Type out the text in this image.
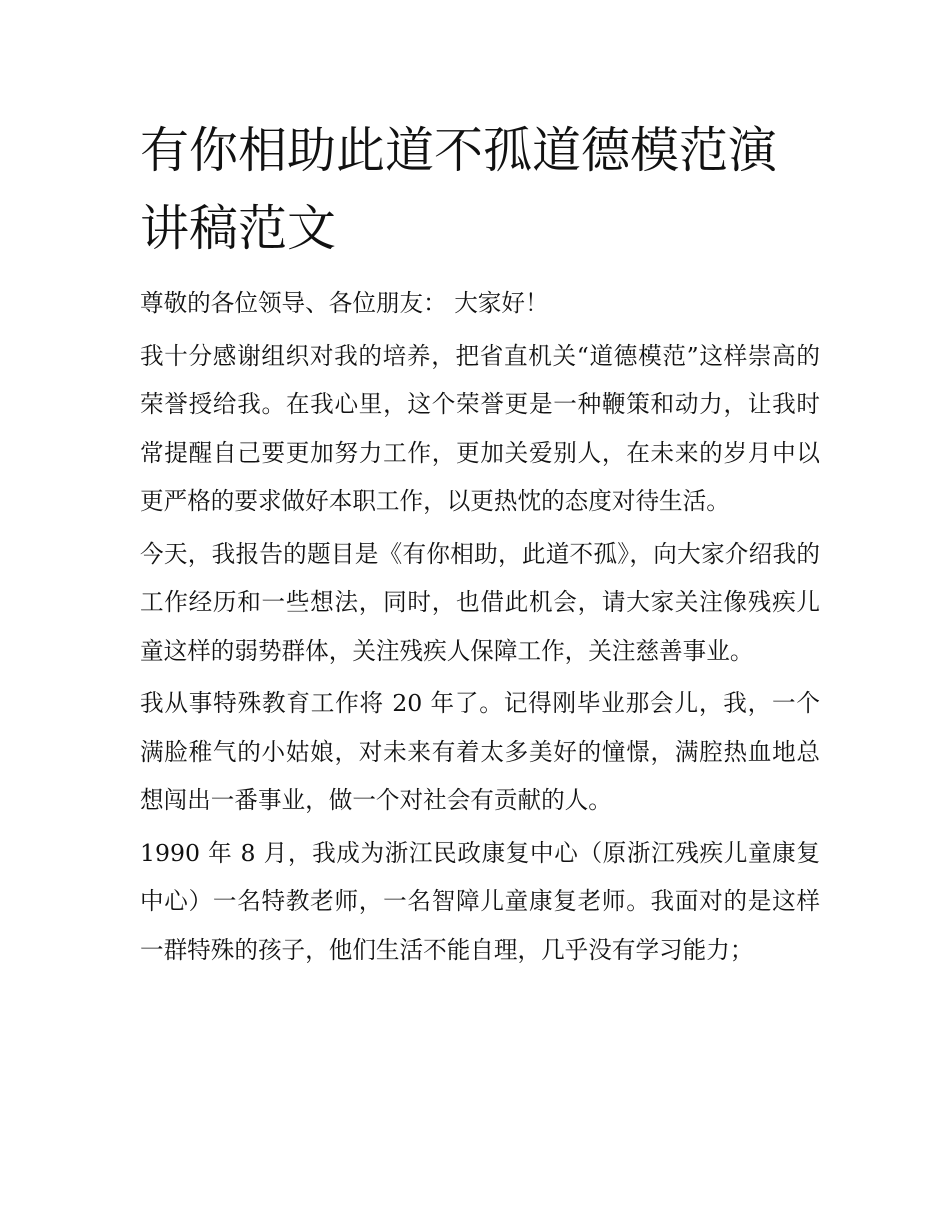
有你相助此道不孤道德模范演讲稿范文

尊敬的各位领导、各位朋友： 大家好！

我十分感谢组织对我的培养，把省直机关“道德模范”这样崇高的荣誉授给我。在我心里，这个荣誉更是一种鞭策和动力，让我时常提醒自己要更加努力工作，更加关爱别人，在未来的岁月中以更严格的要求做好本职工作，以更热忱的态度对待生活。

今天，我报告的题目是《有你相助，此道不孤》，向大家介绍我的工作经历和一些想法，同时，也借此机会，请大家关注像残疾儿童这样的弱势群体，关注残疾人保障工作，关注慈善事业。

我从事特殊教育工作将 20 年了。记得刚毕业那会儿，我，一个满脸稚气的小姑娘，对未来有着太多美好的憧憬，满腔热血地总想闯出一番事业，做一个对社会有贡献的人。

1990 年 8 月，我成为浙江民政康复中心（原浙江残疾儿童康复中心）一名特教老师，一名智障儿童康复老师。我面对的是这样一群特殊的孩子，他们生活不能自理，几乎没有学习能力；
